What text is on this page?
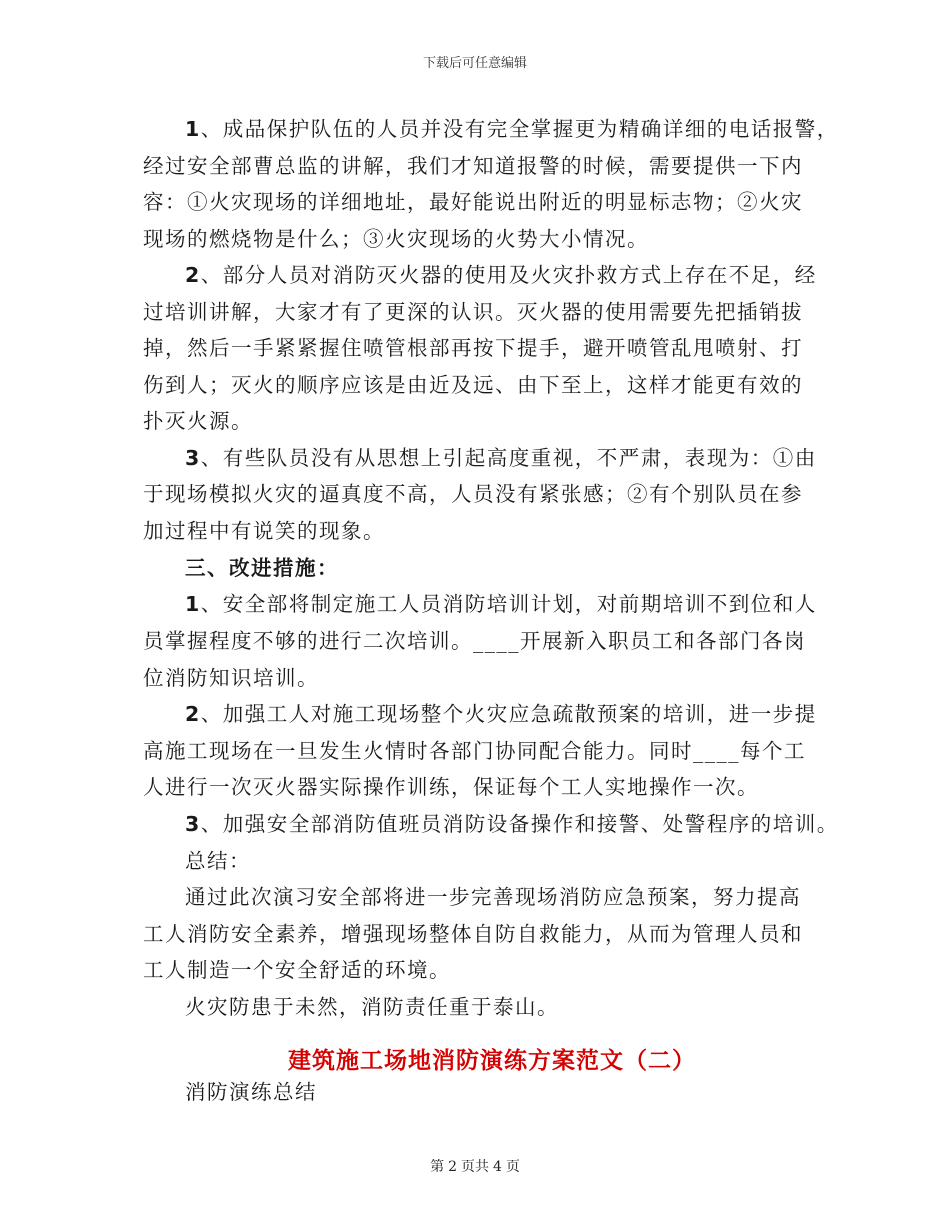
下载后可任意编辑
1、成品保护队伍的人员并没有完全掌握更为精确详细的电话报警，
经过安全部曹总监的讲解，我们才知道报警的时候，需要提供一下内
容：①火灾现场的详细地址，最好能说出附近的明显标志物；②火灾
现场的燃烧物是什么；③火灾现场的火势大小情况。
2、部分人员对消防灭火器的使用及火灾扑救方式上存在不足，经
过培训讲解，大家才有了更深的认识。灭火器的使用需要先把插销拔
掉，然后一手紧紧握住喷管根部再按下提手，避开喷管乱甩喷射、打
伤到人；灭火的顺序应该是由近及远、由下至上，这样才能更有效的
扑灭火源。
3、有些队员没有从思想上引起高度重视，不严肃，表现为：①由
于现场模拟火灾的逼真度不高，人员没有紧张感；②有个别队员在参
加过程中有说笑的现象。
三、改进措施：
1、安全部将制定施工人员消防培训计划，对前期培训不到位和人
员掌握程度不够的进行二次培训。____开展新入职员工和各部门各岗
位消防知识培训。
2、加强工人对施工现场整个火灾应急疏散预案的培训，进一步提
高施工现场在一旦发生火情时各部门协同配合能力。同时____每个工
人进行一次灭火器实际操作训练，保证每个工人实地操作一次。
3、加强安全部消防值班员消防设备操作和接警、处警程序的培训。
总结：
通过此次演习安全部将进一步完善现场消防应急预案，努力提高
工人消防安全素养，增强现场整体自防自救能力，从而为管理人员和
工人制造一个安全舒适的环境。
火灾防患于未然，消防责任重于泰山。
建筑施工场地消防演练方案范文（二）
消防演练总结
第 2 页共 4 页
